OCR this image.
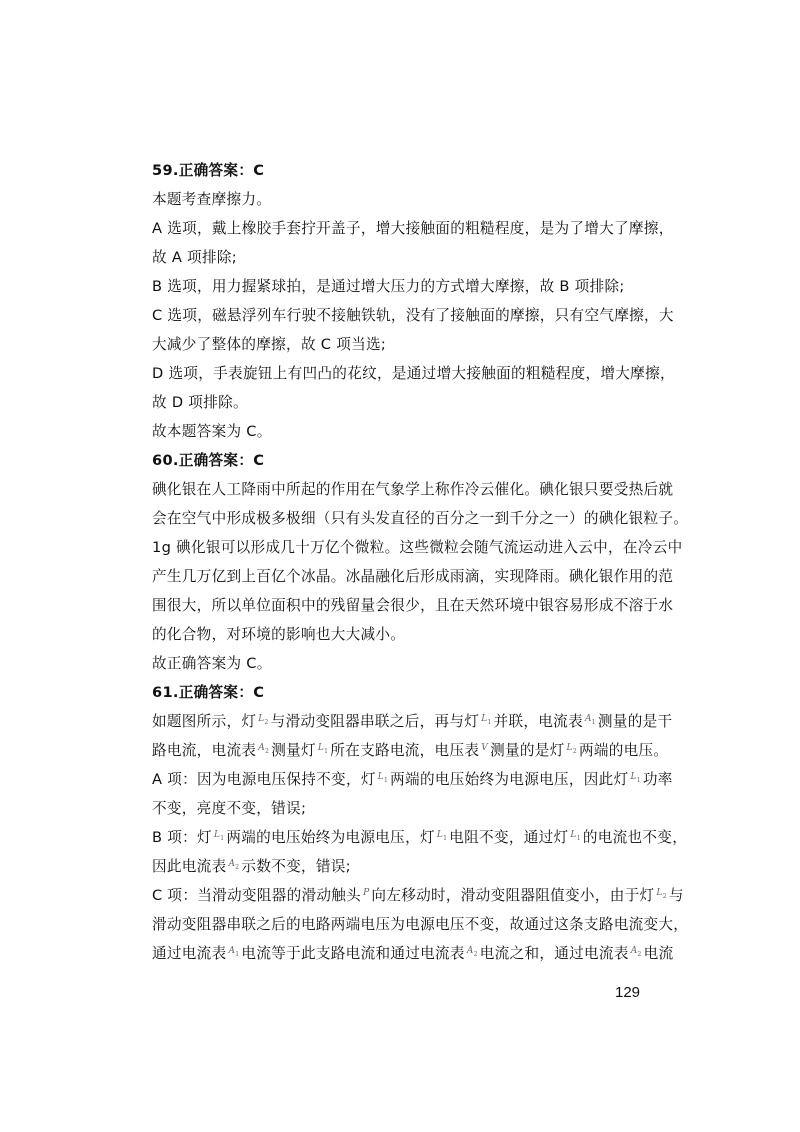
59.正确答案：C
本题考查摩擦力。
A 选项，戴上橡胶手套拧开盖子，增大接触面的粗糙程度，是为了增大了摩擦，
故 A 项排除;
B 选项，用力握紧球拍，是通过增大压力的方式增大摩擦，故 B 项排除;
C 选项，磁悬浮列车行驶不接触铁轨，没有了接触面的摩擦，只有空气摩擦，大
大减少了整体的摩擦，故 C 项当选;
D 选项，手表旋钮上有凹凸的花纹，是通过增大接触面的粗糙程度，增大摩擦，
故 D 项排除。
故本题答案为 C。
60.正确答案：C
碘化银在人工降雨中所起的作用在气象学上称作冷云催化。碘化银只要受热后就
会在空气中形成极多极细（只有头发直径的百分之一到千分之一）的碘化银粒子。
1g 碘化银可以形成几十万亿个微粒。这些微粒会随气流运动进入云中，在冷云中
产生几万亿到上百亿个冰晶。冰晶融化后形成雨滴，实现降雨。碘化银作用的范
围很大，所以单位面积中的残留量会很少，且在天然环境中银容易形成不溶于水
的化合物，对环境的影响也大大减小。
故正确答案为 C。
61.正确答案：C
如题图所示，灯 $^{L_2}$ 与滑动变阻器串联之后，再与灯 $^{L_1}$ 并联，电流表 $^{A_1}$ 测量的是干
路电流，电流表 $^{A_2}$ 测量灯 $^{L_1}$ 所在支路电流，电压表 $^V$ 测量的是灯 $^{L_2}$ 两端的电压。
A 项：因为电源电压保持不变，灯 $^{L_1}$ 两端的电压始终为电源电压，因此灯 $^{L_1}$ 功率
不变，亮度不变，错误;
B 项：灯 $^{L_1}$ 两端的电压始终为电源电压，灯 $^{L_1}$ 电阻不变，通过灯 $^{L_1}$ 的电流也不变，
因此电流表 $^{A_2}$ 示数不变，错误;
C 项：当滑动变阻器的滑动触头 $^P$ 向左移动时，滑动变阻器阻值变小，由于灯 $^{L_2}$ 与
滑动变阻器串联之后的电路两端电压为电源电压不变，故通过这条支路电流变大，
通过电流表 $^{A_1}$ 电流等于此支路电流和通过电流表 $^{A_2}$ 电流之和，通过电流表 $^{A_2}$ 电流
129
